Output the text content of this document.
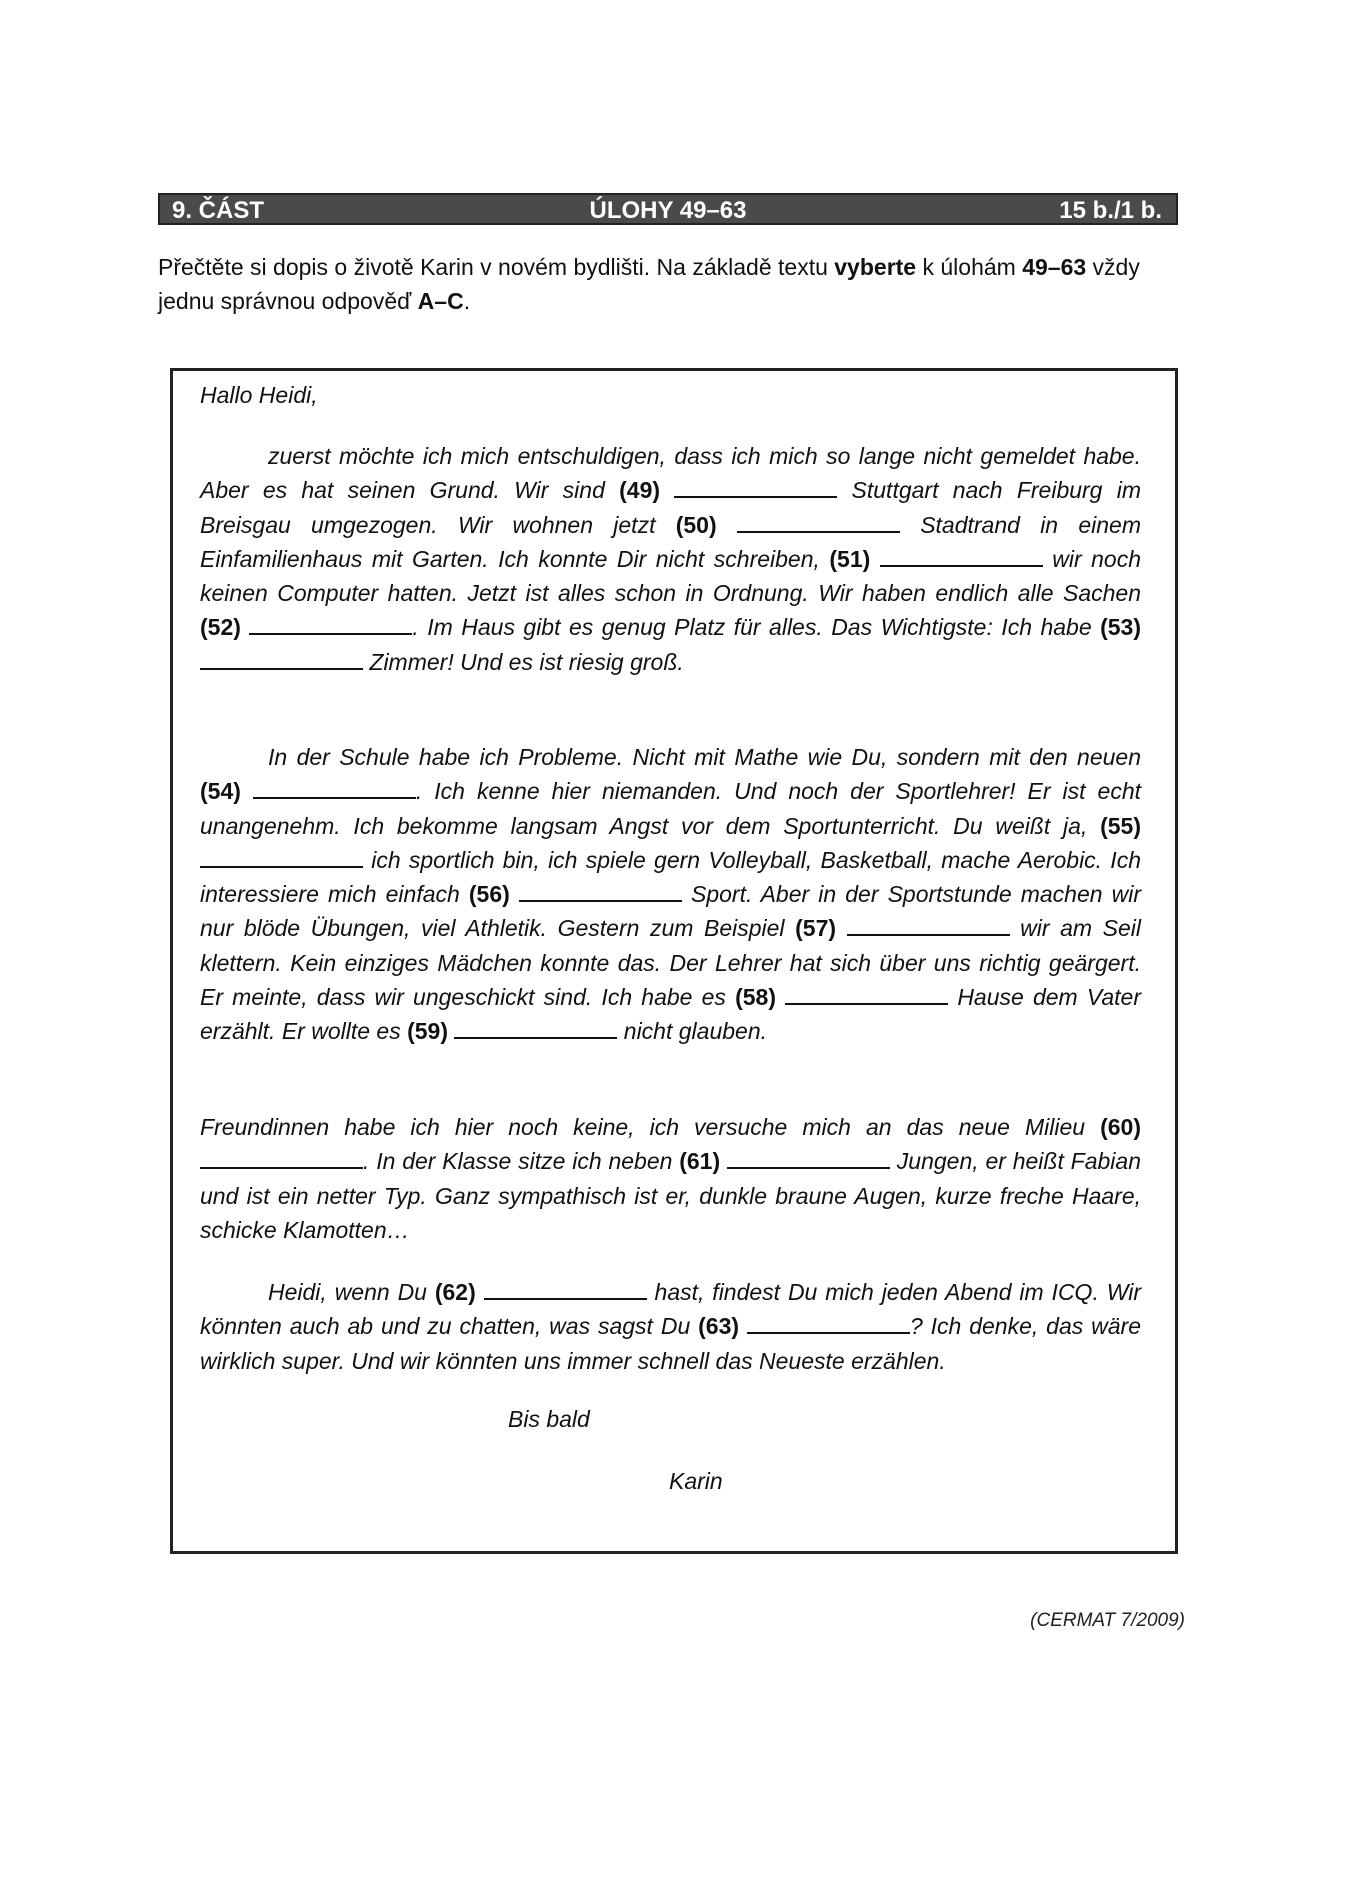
9. ČÁST	ÚLOHY 49–63	15 b./1 b.
Přečtěte si dopis o životě Karin v novém bydlišti. Na základě textu vyberte k úlohám 49–63 vždy jednu správnou odpověď A–C.

Hallo Heidi,

zuerst möchte ich mich entschuldigen, dass ich mich so lange nicht gemeldet habe. Aber es hat seinen Grund. Wir sind (49)	Stuttgart nach Freiburg im Breisgau umgezogen. Wir wohnen jetzt (50)	Stadtrand in einem Einfamilienhaus mit Garten. Ich konnte Dir nicht schreiben, (51)	wir noch keinen Computer hatten. Jetzt ist alles schon in Ordnung. Wir haben endlich alle Sachen (52)	. Im Haus gibt es genug Platz für alles. Das Wichtigste: Ich habe (53)  Zimmer! Und es ist riesig groß.

In der Schule habe ich Probleme. Nicht mit Mathe wie Du, sondern mit den neuen (54)	. Ich kenne hier niemanden. Und noch der Sportlehrer! Er ist echt unangenehm. Ich bekomme langsam Angst vor dem Sportunterricht. Du weißt ja, (55)  ich sportlich bin, ich spiele gern Volleyball, Basketball, mache Aerobic. Ich interessiere mich einfach (56)	Sport. Aber in der Sportstunde machen wir nur blöde Übungen, viel Athletik. Gestern zum Beispiel (57)	wir am Seil klettern. Kein einziges Mädchen konnte das. Der Lehrer hat sich über uns richtig geärgert. Er meinte, dass wir ungeschickt sind. Ich habe es (58)	Hause dem Vater erzählt. Er wollte es (59)	nicht glauben.

Freundinnen habe ich hier noch keine, ich versuche mich an das neue Milieu (60) . In der Klasse sitze ich neben (61)	Jungen, er heißt Fabian und ist ein netter Typ. Ganz sympathisch ist er, dunkle braune Augen, kurze freche Haare, schicke Klamotten…

Heidi, wenn Du (62)	hast, findest Du mich jeden Abend im ICQ. Wir könnten auch ab und zu chatten, was sagst Du (63)	? Ich denke, das wäre wirklich super. Und wir könnten uns immer schnell das Neueste erzählen.

Bis bald
Karin
(CERMAT 7/2009)
